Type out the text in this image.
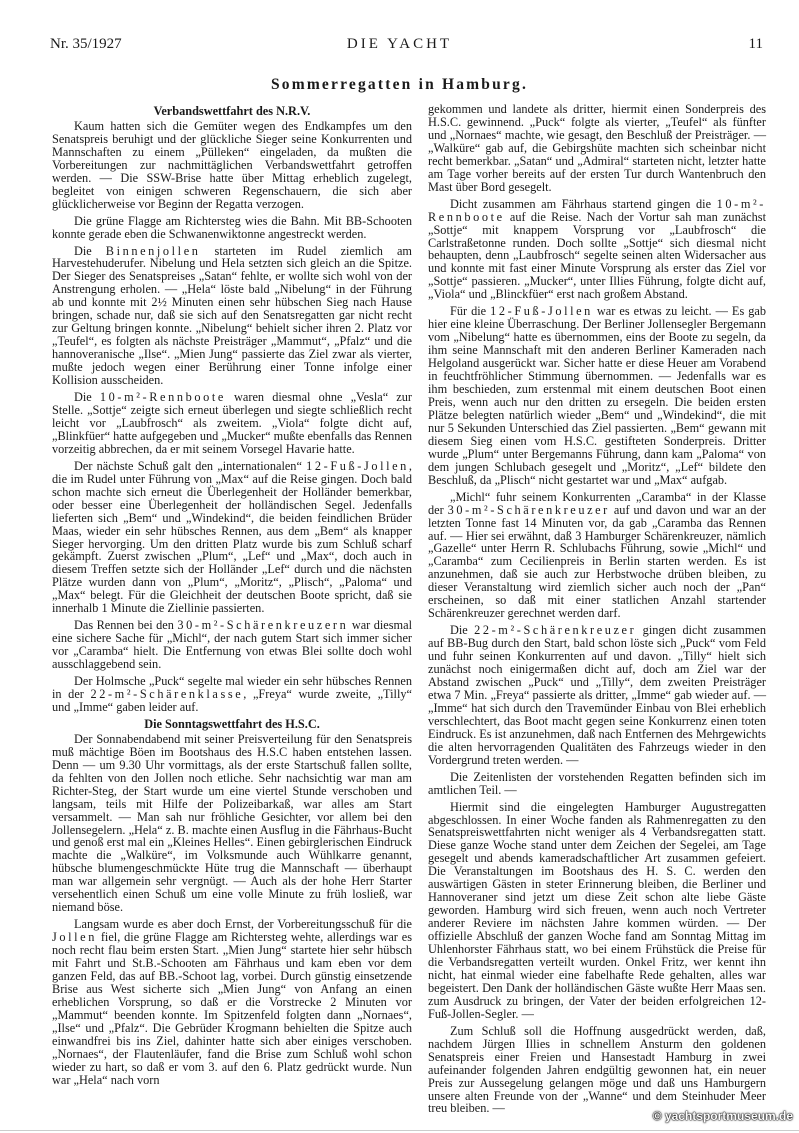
Nr. 35/1927	DIE YACHT	11
Sommerregatten in Hamburg.
Verbandswettfahrt des N.R.V.

Kaum hatten sich die Gemüter wegen des Endkampfes um den Senatspreis beruhigt und der glückliche Sieger seine Konkurrenten und Mannschaften zu einem „Pülleken“ eingeladen, da mußten die Vorbereitungen zur nachmittäglichen Verbandswettfahrt getroffen werden. — Die SSW-Brise hatte über Mittag erheblich zugelegt, begleitet von einigen schweren Regenschauern, die sich aber glücklicherweise vor Beginn der Regatta verzogen.

Die grüne Flagge am Richtersteg wies die Bahn. Mit BB-Schooten konnte gerade eben die Schwanenwiktonne angestreckt werden.

Die Binnenjollen starteten im Rudel ziemlich am Harvestehuderufer. Nibelung und Hela setzten sich gleich an die Spitze. Der Sieger des Senatspreises „Satan“ fehlte, er wollte sich wohl von der Anstrengung erholen. — „Hela“ löste bald „Nibelung“ in der Führung ab und konnte mit 2½ Minuten einen sehr hübschen Sieg nach Hause bringen, schade nur, daß sie sich auf den Senatsregatten gar nicht recht zur Geltung bringen konnte. „Nibelung“ behielt sicher ihren 2. Platz vor „Teufel“, es folgten als nächste Preisträger „Mammut“, „Pfalz“ und die hannoveranische „Ilse“. „Mien Jung“ passierte das Ziel zwar als vierter, mußte jedoch wegen einer Berührung einer Tonne infolge einer Kollision ausscheiden.

Die 10-m²-Rennboote waren diesmal ohne „Vesla“ zur Stelle. „Sottje“ zeigte sich erneut überlegen und siegte schließlich recht leicht vor „Laubfrosch“ als zweitem. „Viola“ folgte dicht auf, „Blinkfüer“ hatte aufgegeben und „Mucker“ mußte ebenfalls das Rennen vorzeitig abbrechen, da er mit seinem Vorsegel Havarie hatte.

Der nächste Schuß galt den „internationalen“ 12-Fuß-Jollen, die im Rudel unter Führung von „Max“ auf die Reise gingen. Doch bald schon machte sich erneut die Überlegenheit der Holländer bemerkbar, oder besser eine Überlegenheit der holländischen Segel. Jedenfalls lieferten sich „Bem“ und „Windekind“, die beiden feindlichen Brüder Maas, wieder ein sehr hübsches Rennen, aus dem „Bem“ als knapper Sieger hervorging. Um den dritten Platz wurde bis zum Schluß scharf gekämpft. Zuerst zwischen „Plum“, „Lef“ und „Max“, doch auch in diesem Treffen setzte sich der Holländer „Lef“ durch und die nächsten Plätze wurden dann von „Plum“, „Moritz“, „Plisch“, „Paloma“ und „Max“ belegt. Für die Gleichheit der deutschen Boote spricht, daß sie innerhalb 1 Minute die Ziellinie passierten.

Das Rennen bei den 30-m²-Schärenkreuzern war diesmal eine sichere Sache für „Michl“, der nach gutem Start sich immer sicher vor „Caramba“ hielt. Die Entfernung von etwas Blei sollte doch wohl ausschlaggebend sein.

Der Holmsche „Puck“ segelte mal wieder ein sehr hübsches Rennen in der 22-m²-Schärenklasse, „Freya“ wurde zweite, „Tilly“ und „Imme“ gaben leider auf.

Die Sonntagswettfahrt des H.S.C.

Der Sonnabendabend mit seiner Preisverteilung für den Senatspreis muß mächtige Böen im Bootshaus des H.S.C haben entstehen lassen. Denn — um 9.30 Uhr vormittags, als der erste Startschuß fallen sollte, da fehlten von den Jollen noch etliche. Sehr nachsichtig war man am Richter-Steg, der Start wurde um eine viertel Stunde verschoben und langsam, teils mit Hilfe der Polizeibarkaß, war alles am Start versammelt. — Man sah nur fröhliche Gesichter, vor allem bei den Jollensegelern. „Hela“ z. B. machte einen Ausflug in die Fährhaus-Bucht und genoß erst mal ein „Kleines Helles“. Einen gebirglerischen Eindruck machte die „Walküre“, im Volksmunde auch Wühlkarre genannt, hübsche blumengeschmückte Hüte trug die Mannschaft — überhaupt man war allgemein sehr vergnügt. — Auch als der hohe Herr Starter versehentlich einen Schuß um eine volle Minute zu früh losließ, war niemand böse.

Langsam wurde es aber doch Ernst, der Vorbereitungsschuß für die Jollen fiel, die grüne Flagge am Richtersteg wehte, allerdings war es noch recht flau beim ersten Start. „Mien Jung“ startete hier sehr hübsch mit Fahrt und St.B.-Schooten am Fährhaus und kam eben vor dem ganzen Feld, das auf BB.-Schoot lag, vorbei. Durch günstig einsetzende Brise aus West sicherte sich „Mien Jung“ von Anfang an einen erheblichen Vorsprung, so daß er die Vorstrecke 2 Minuten vor „Mammut“ beenden konnte. Im Spitzenfeld folgten dann „Nornaes“, „Ilse“ und „Pfalz“. Die Gebrüder Krogmann behielten die Spitze auch einwandfrei bis ins Ziel, dahinter hatte sich aber einiges verschoben. „Nornaes“, der Flautenläufer, fand die Brise zum Schluß wohl schon wieder zu hart, so daß er vom 3. auf den 6. Platz gedrückt wurde. Nun war „Hela“ nach vorn

gekommen und landete als dritter, hiermit einen Sonderpreis des H.S.C. gewinnend. „Puck“ folgte als vierter, „Teufel“ als fünfter und „Nornaes“ machte, wie gesagt, den Beschluß der Preisträger. — „Walküre“ gab auf, die Gebirgshüte machten sich scheinbar nicht recht bemerkbar. „Satan“ und „Admiral“ starteten nicht, letzter hatte am Tage vorher bereits auf der ersten Tur durch Wantenbruch den Mast über Bord gesegelt.

Dicht zusammen am Fährhaus startend gingen die 10-m²-Rennboote auf die Reise. Nach der Vortur sah man zunächst „Sottje“ mit knappem Vorsprung vor „Laubfrosch“ die Carlstraßetonne runden. Doch sollte „Sottje“ sich diesmal nicht behaupten, denn „Laubfrosch“ segelte seinen alten Widersacher aus und konnte mit fast einer Minute Vorsprung als erster das Ziel vor „Sottje“ passieren. „Mucker“, unter Illies Führung, folgte dicht auf, „Viola“ und „Blinckfüer“ erst nach großem Abstand.

Für die 12-Fuß-Jollen war es etwas zu leicht. — Es gab hier eine kleine Überraschung. Der Berliner Jollensegler Bergemann vom „Nibelung“ hatte es übernommen, eins der Boote zu segeln, da ihm seine Mannschaft mit den anderen Berliner Kameraden nach Helgoland ausgerückt war. Sicher hatte er diese Heuer am Vorabend in feuchtfröhlicher Stimmung übernommen. — Jedenfalls war es ihm beschieden, zum erstenmal mit einem deutschen Boot einen Preis, wenn auch nur den dritten zu ersegeln. Die beiden ersten Plätze belegten natürlich wieder „Bem“ und „Windekind“, die mit nur 5 Sekunden Unterschied das Ziel passierten. „Bem“ gewann mit diesem Sieg einen vom H.S.C. gestifteten Sonderpreis. Dritter wurde „Plum“ unter Bergemanns Führung, dann kam „Paloma“ von dem jungen Schlubach gesegelt und „Moritz“, „Lef“ bildete den Beschluß, da „Plisch“ nicht gestartet war und „Max“ aufgab.

„Michl“ fuhr seinem Konkurrenten „Caramba“ in der Klasse der 30-m²-Schärenkreuzer auf und davon und war an der letzten Tonne fast 14 Minuten vor, da gab „Caramba das Rennen auf. — Hier sei erwähnt, daß 3 Hamburger Schärenkreuzer, nämlich „Gazelle“ unter Herrn R. Schlubachs Führung, sowie „Michl“ und „Caramba“ zum Cecilienpreis in Berlin starten werden. Es ist anzunehmen, daß sie auch zur Herbstwoche drüben bleiben, zu dieser Veranstaltung wird ziemlich sicher auch noch der „Pan“ erscheinen, so daß mit einer statlichen Anzahl startender Schärenkreuzer gerechnet werden darf.

Die 22-m²-Schärenkreuzer gingen dicht zusammen auf BB-Bug durch den Start, bald schon löste sich „Puck“ vom Feld und fuhr seinen Konkurrenten auf und davon. „Tilly“ hielt sich zunächst noch einigermaßen dicht auf, doch am Ziel war der Abstand zwischen „Puck“ und „Tilly“, dem zweiten Preisträger etwa 7 Min. „Freya“ passierte als dritter, „Imme“ gab wieder auf. — „Imme“ hat sich durch den Travemünder Einbau von Blei erheblich verschlechtert, das Boot macht gegen seine Konkurrenz einen toten Eindruck. Es ist anzunehmen, daß nach Entfernen des Mehrgewichts die alten hervorragenden Qualitäten des Fahrzeugs wieder in den Vordergrund treten werden. —

Die Zeitenlisten der vorstehenden Regatten befinden sich im amtlichen Teil. —

Hiermit sind die eingelegten Hamburger Augustregatten abgeschlossen. In einer Woche fanden als Rahmenregatten zu den Senatspreiswettfahrten nicht weniger als 4 Verbandsregatten statt. Diese ganze Woche stand unter dem Zeichen der Segelei, am Tage gesegelt und abends kameradschaftlicher Art zusammen gefeiert. Die Veranstaltungen im Bootshaus des H. S. C. werden den auswärtigen Gästen in steter Erinnerung bleiben, die Berliner und Hannoveraner sind jetzt um diese Zeit schon alte liebe Gäste geworden. Hamburg wird sich freuen, wenn auch noch Vertreter anderer Reviere im nächsten Jahre kommen würden. — Der offizielle Abschluß der ganzen Woche fand am Sonntag Mittag im Uhlenhorster Fährhaus statt, wo bei einem Frühstück die Preise für die Verbandsregatten verteilt wurden. Onkel Fritz, wer kennt ihn nicht, hat einmal wieder eine fabelhafte Rede gehalten, alles war begeistert. Den Dank der holländischen Gäste wußte Herr Maas sen. zum Ausdruck zu bringen, der Vater der beiden erfolgreichen 12-Fuß-Jollen-Segler. —

Zum Schluß soll die Hoffnung ausgedrückt werden, daß, nachdem Jürgen Illies in schnellem Ansturm den goldenen Senatspreis einer Freien und Hansestadt Hamburg in zwei aufeinander folgenden Jahren endgültig gewonnen hat, ein neuer Preis zur Aussegelung gelangen möge und daß uns Hamburgern unsere alten Freunde von der „Wanne“ und dem Steinhuder Meer treu bleiben. —

© yachtsportmuseum.de
